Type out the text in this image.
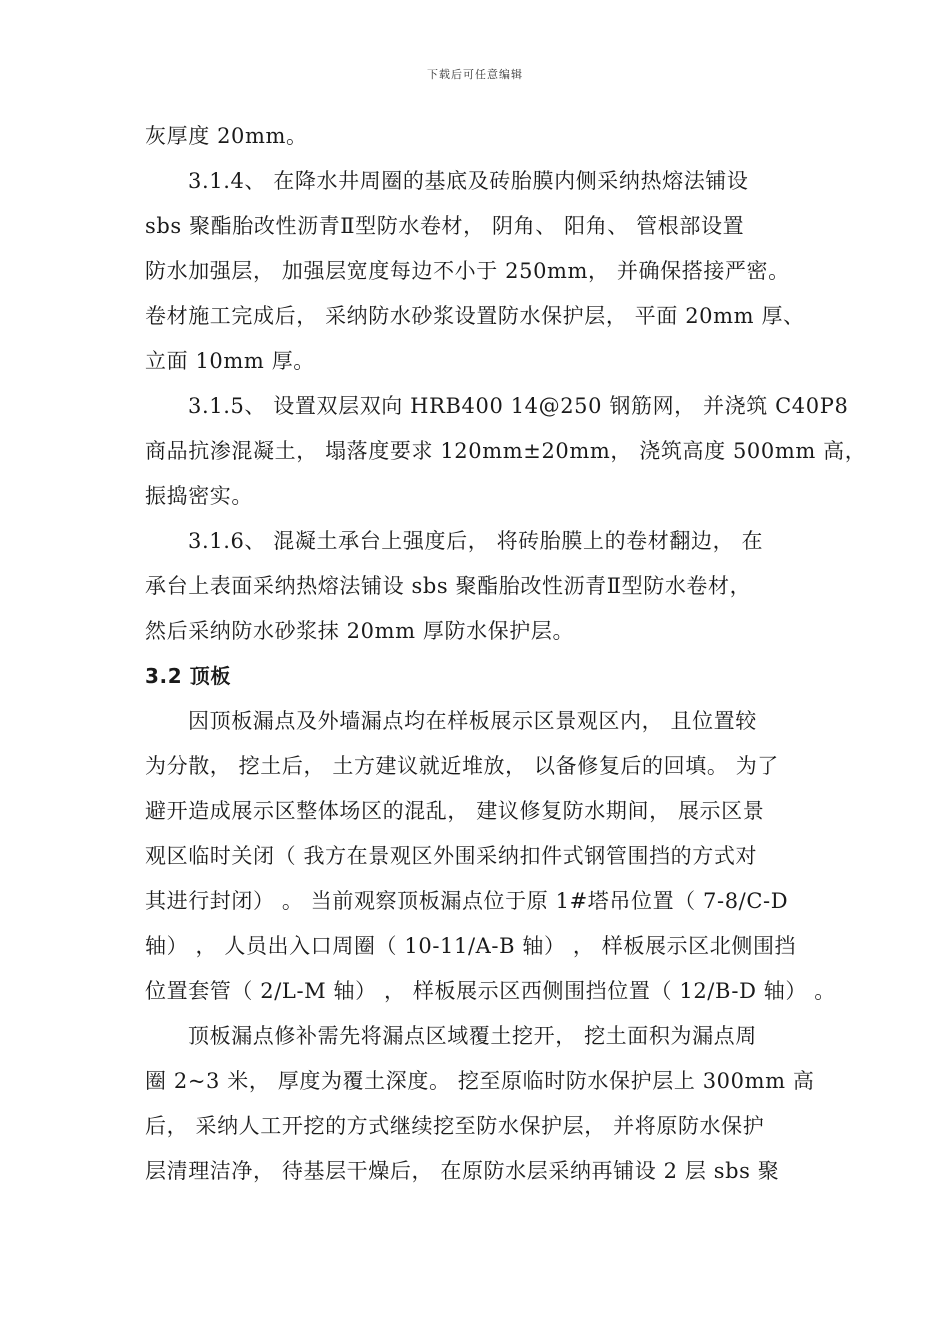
下载后可任意编辑
灰厚度 20mm。
3.1.4、 在降水井周圈的基底及砖胎膜内侧采纳热熔法铺设
sbs 聚酯胎改性沥青Ⅱ型防水卷材， 阴角、 阳角、 管根部设置
防水加强层， 加强层宽度每边不小于 250mm， 并确保搭接严密。
卷材施工完成后， 采纳防水砂浆设置防水保护层， 平面 20mm 厚、
立面 10mm 厚。
3.1.5、 设置双层双向 HRB400 14@250 钢筋网， 并浇筑 C40P8
商品抗渗混凝土， 塌落度要求 120mm±20mm， 浇筑高度 500mm 高，
振捣密实。
3.1.6、 混凝土承台上强度后， 将砖胎膜上的卷材翻边， 在
承台上表面采纳热熔法铺设 sbs 聚酯胎改性沥青Ⅱ型防水卷材，
然后采纳防水砂浆抹 20mm 厚防水保护层。
3.2 顶板
因顶板漏点及外墙漏点均在样板展示区景观区内， 且位置较
为分散， 挖土后， 土方建议就近堆放， 以备修复后的回填。 为了
避开造成展示区整体场区的混乱， 建议修复防水期间， 展示区景
观区临时关闭（ 我方在景观区外围采纳扣件式钢管围挡的方式对
其进行封闭） 。 当前观察顶板漏点位于原 1#塔吊位置（ 7-8/C-D
轴） ， 人员出入口周圈（ 10-11/A-B 轴） ， 样板展示区北侧围挡
位置套管（ 2/L-M 轴） ， 样板展示区西侧围挡位置（ 12/B-D 轴） 。
顶板漏点修补需先将漏点区域覆土挖开， 挖土面积为漏点周
圈 2~3 米， 厚度为覆土深度。 挖至原临时防水保护层上 300mm 高
后， 采纳人工开挖的方式继续挖至防水保护层， 并将原防水保护
层清理洁净， 待基层干燥后， 在原防水层采纳再铺设 2 层 sbs 聚
